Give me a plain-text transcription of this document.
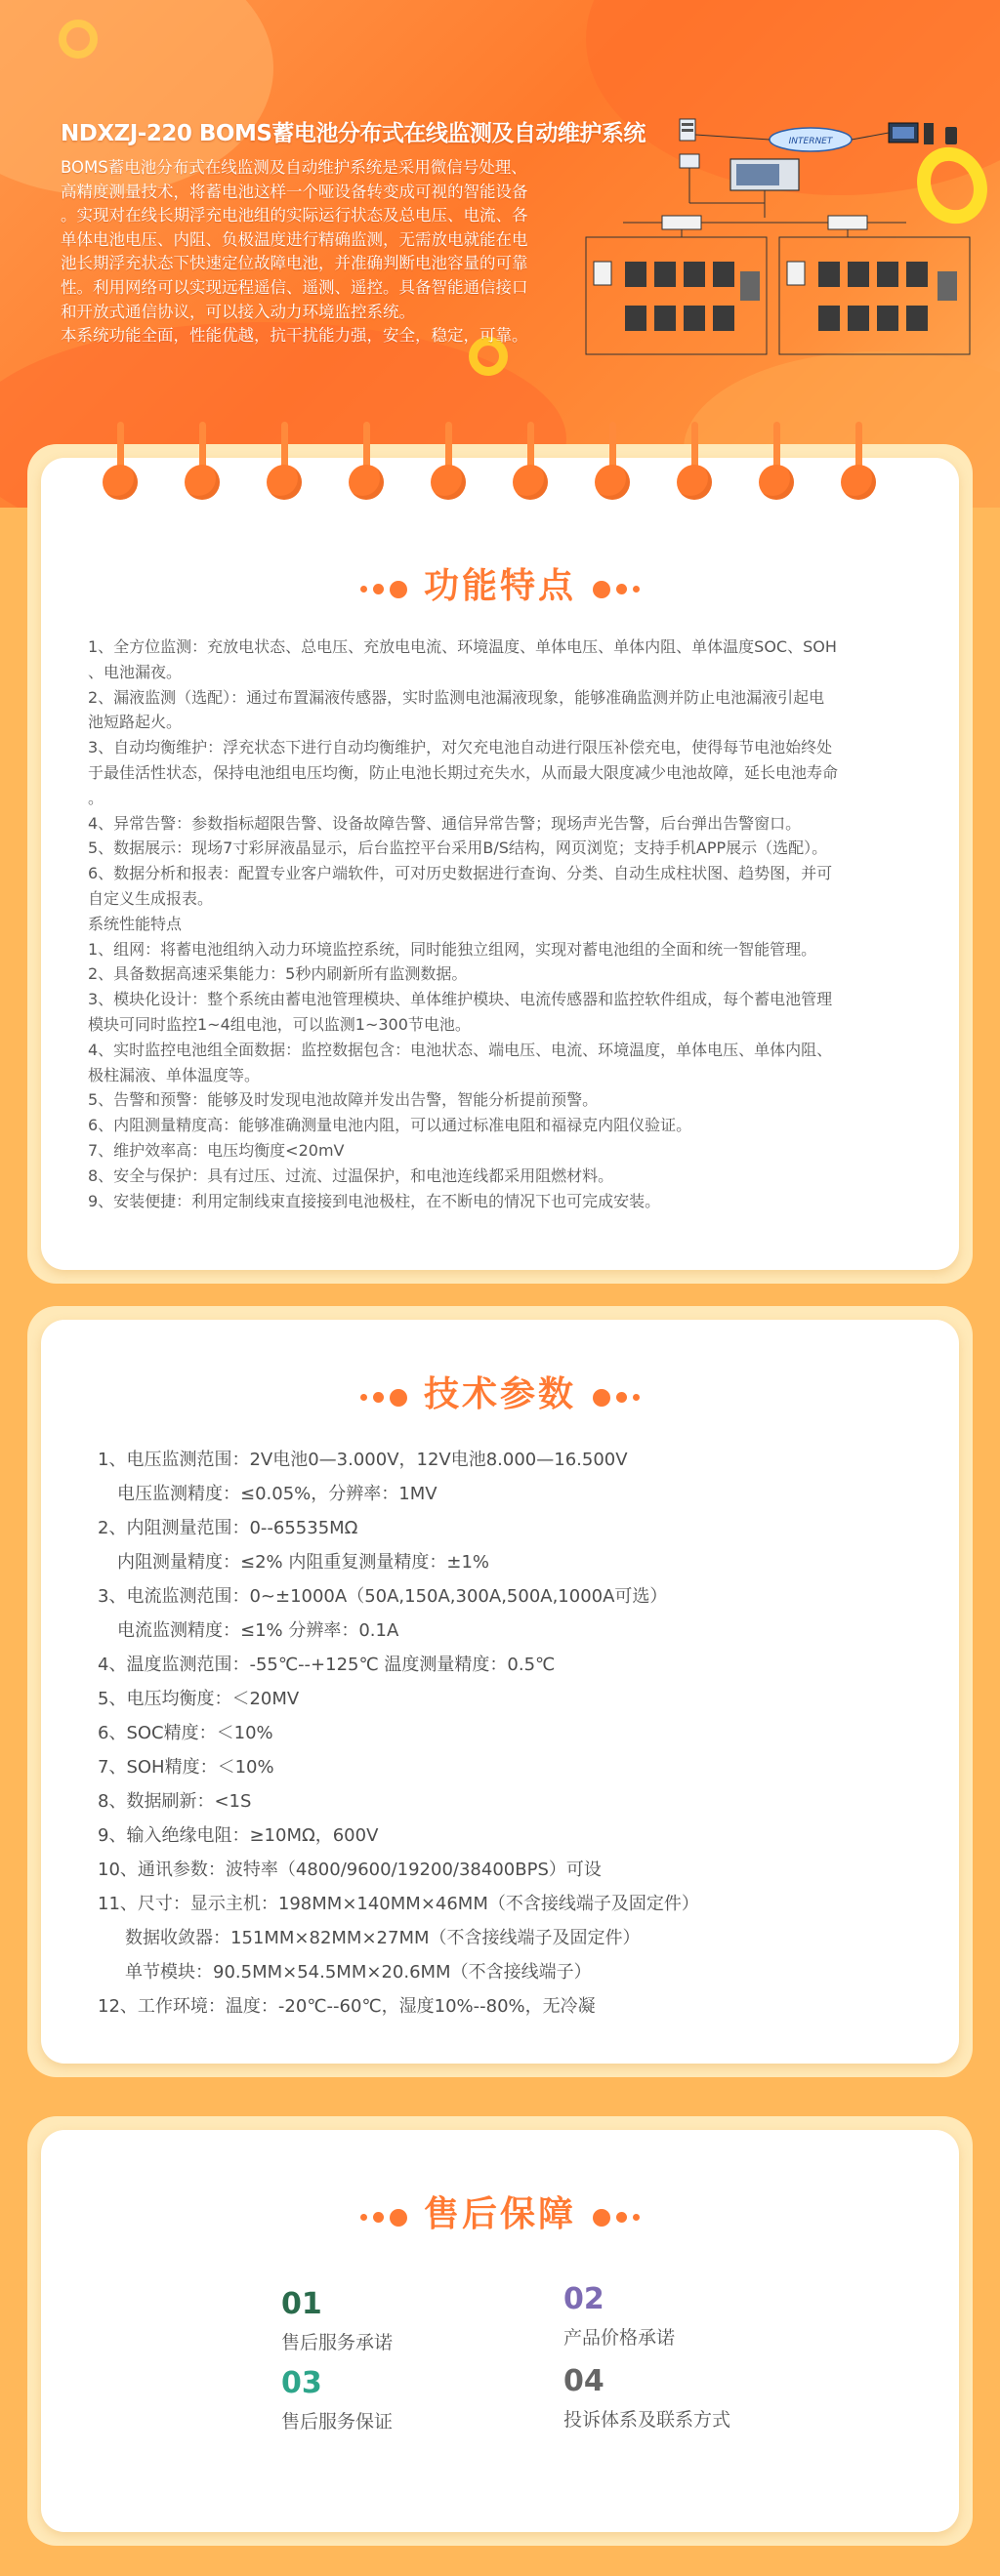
NDXZJ-220 BOMS蓄电池分布式在线监测及自动维护系统

BOMS蓄电池分布式在线监测及自动维护系统是采用微信号处理、

高精度测量技术，将蓄电池这样一个哑设备转变成可视的智能设备

。实现对在线长期浮充电池组的实际运行状态及总电压、电流、各

单体电池电压、内阻、负极温度进行精确监测，无需放电就能在电

池长期浮充状态下快速定位故障电池，并准确判断电池容量的可靠

性。利用网络可以实现远程遥信、遥测、遥控。具备智能通信接口

和开放式通信协议，可以接入动力环境监控系统。

本系统功能全面，性能优越，抗干扰能力强，安全，稳定，可靠。

INTERNET
功能特点
1、全方位监测：充放电状态、总电压、充放电电流、环境温度、单体电压、单体内阻、单体温度SOC、SOH
、电池漏夜。
2、漏液监测（选配）：通过布置漏液传感器，实时监测电池漏液现象，能够准确监测并防止电池漏液引起电
池短路起火。
3、自动均衡维护：浮充状态下进行自动均衡维护，对欠充电池自动进行限压补偿充电，使得每节电池始终处
于最佳活性状态，保持电池组电压均衡，防止电池长期过充失水，从而最大限度减少电池故障，延长电池寿命
。
4、异常告警：参数指标超限告警、设备故障告警、通信异常告警；现场声光告警，后台弹出告警窗口。
5、数据展示：现场7寸彩屏液晶显示，后台监控平台采用B/S结构，网页浏览；支持手机APP展示（选配）。
6、数据分析和报表：配置专业客户端软件，可对历史数据进行查询、分类、自动生成柱状图、趋势图，并可
自定义生成报表。
系统性能特点
1、组网：将蓄电池组纳入动力环境监控系统，同时能独立组网，实现对蓄电池组的全面和统一智能管理。
2、具备数据高速采集能力：5秒内刷新所有监测数据。
3、模块化设计：整个系统由蓄电池管理模块、单体维护模块、电流传感器和监控软件组成，每个蓄电池管理
模块可同时监控1~4组电池，可以监测1~300节电池。
4、实时监控电池组全面数据：监控数据包含：电池状态、端电压、电流、环境温度，单体电压、单体内阻、
极柱漏液、单体温度等。
5、告警和预警：能够及时发现电池故障并发出告警，智能分析提前预警。
6、内阻测量精度高：能够准确测量电池内阻，可以通过标准电阻和福禄克内阻仪验证。
7、维护效率高：电压均衡度<20mV
8、安全与保护：具有过压、过流、过温保护，和电池连线都采用阻燃材料。
9、安装便捷：利用定制线束直接接到电池极柱，在不断电的情况下也可完成安装。
技术参数
1、电压监测范围：2V电池0—3.000V，12V电池8.000—16.500V
电压监测精度：≤0.05%，分辨率：1MV
2、内阻测量范围：0--65535MΩ
内阻测量精度：≤2% 内阻重复测量精度：±1%
3、电流监测范围：0~±1000A（50A,150A,300A,500A,1000A可选）
电流监测精度：≤1% 分辨率：0.1A
4、温度监测范围：-55℃--+125℃ 温度测量精度：0.5℃
5、电压均衡度：＜20MV
6、SOC精度：＜10%
7、SOH精度：＜10%
8、数据刷新：<1S
9、输入绝缘电阻：≥10MΩ，600V
10、通讯参数：波特率（4800/9600/19200/38400BPS）可设
11、尺寸：显示主机：198MM×140MM×46MM（不含接线端子及固定件）
数据收敛器：151MM×82MM×27MM（不含接线端子及固定件）
单节模块：90.5MM×54.5MM×20.6MM（不含接线端子）
12、工作环境：温度：-20℃--60℃，湿度10%--80%，无冷凝
售后保障
01
售后服务承诺
02
产品价格承诺
03
售后服务保证
04
投诉体系及联系方式
